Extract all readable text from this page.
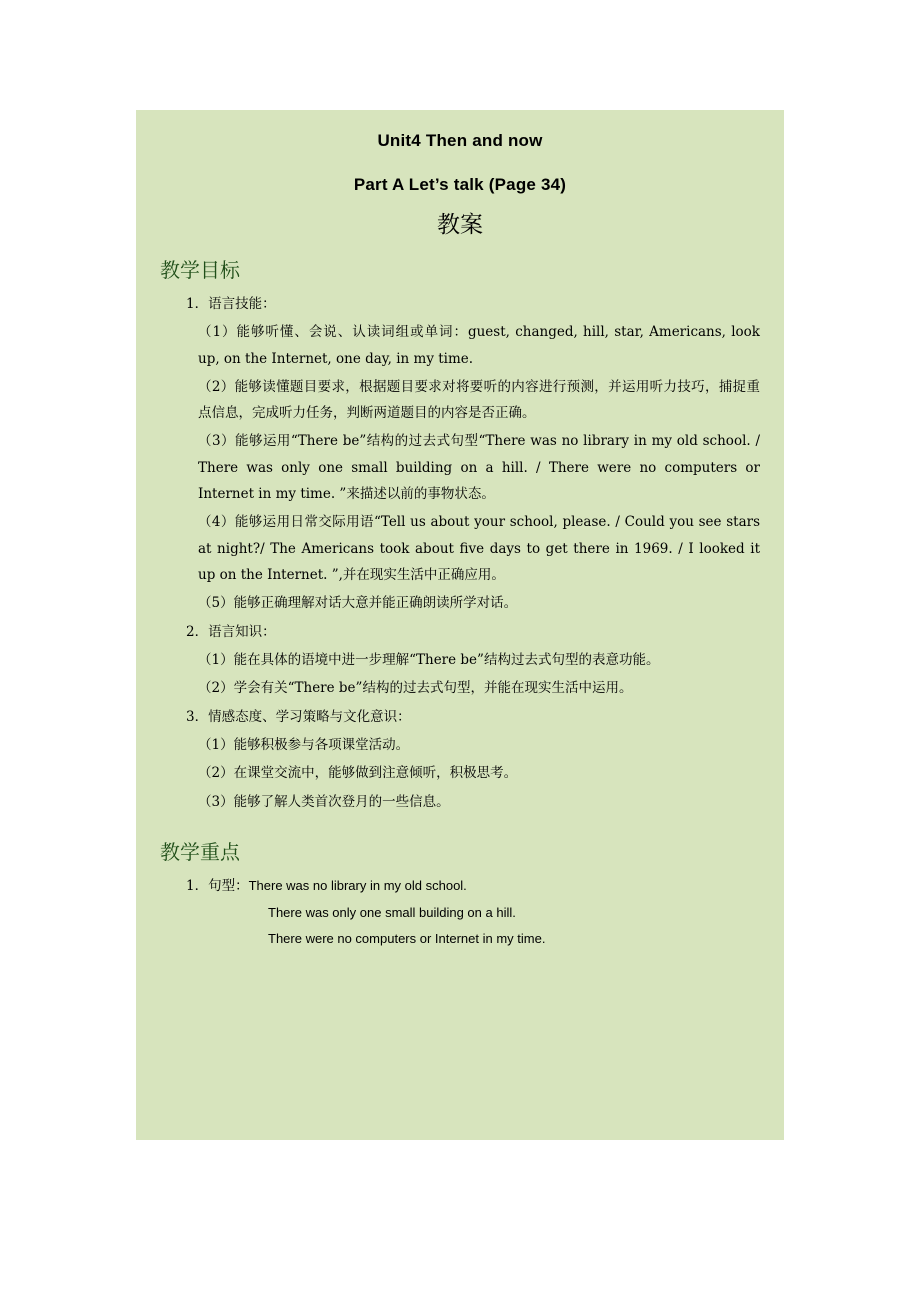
Unit4 Then and now
Part A Let’s talk (Page 34)
教案
教学目标

1．语言技能：

（1）能够听懂、会说、认读词组或单词：guest, changed, hill, star, Americans, look up, on the Internet, one day, in my time.

（2）能够读懂题目要求，根据题目要求对将要听的内容进行预测，并运用听力技巧，捕捉重点信息，完成听力任务，判断两道题目的内容是否正确。

（3）能够运用“There be”结构的过去式句型“There was no library in my old school. / There was only one small building on a hill. / There were no computers or Internet in my time. ”来描述以前的事物状态。

（4）能够运用日常交际用语“Tell us about your school, please. / Could you see stars at night?/ The Americans took about five days to get there in 1969. / I looked it up on the Internet. ”,并在现实生活中正确应用。

（5）能够正确理解对话大意并能正确朗读所学对话。

2．语言知识：

（1）能在具体的语境中进一步理解“There be”结构过去式句型的表意功能。

（2）学会有关“There be”结构的过去式句型，并能在现实生活中运用。

3．情感态度、学习策略与文化意识：

（1）能够积极参与各项课堂活动。

（2）在课堂交流中，能够做到注意倾听，积极思考。

（3）能够了解人类首次登月的一些信息。

教学重点

1．句型：There was no library in my old school.

There was only one small building on a hill.

There were no computers or Internet in my time.
